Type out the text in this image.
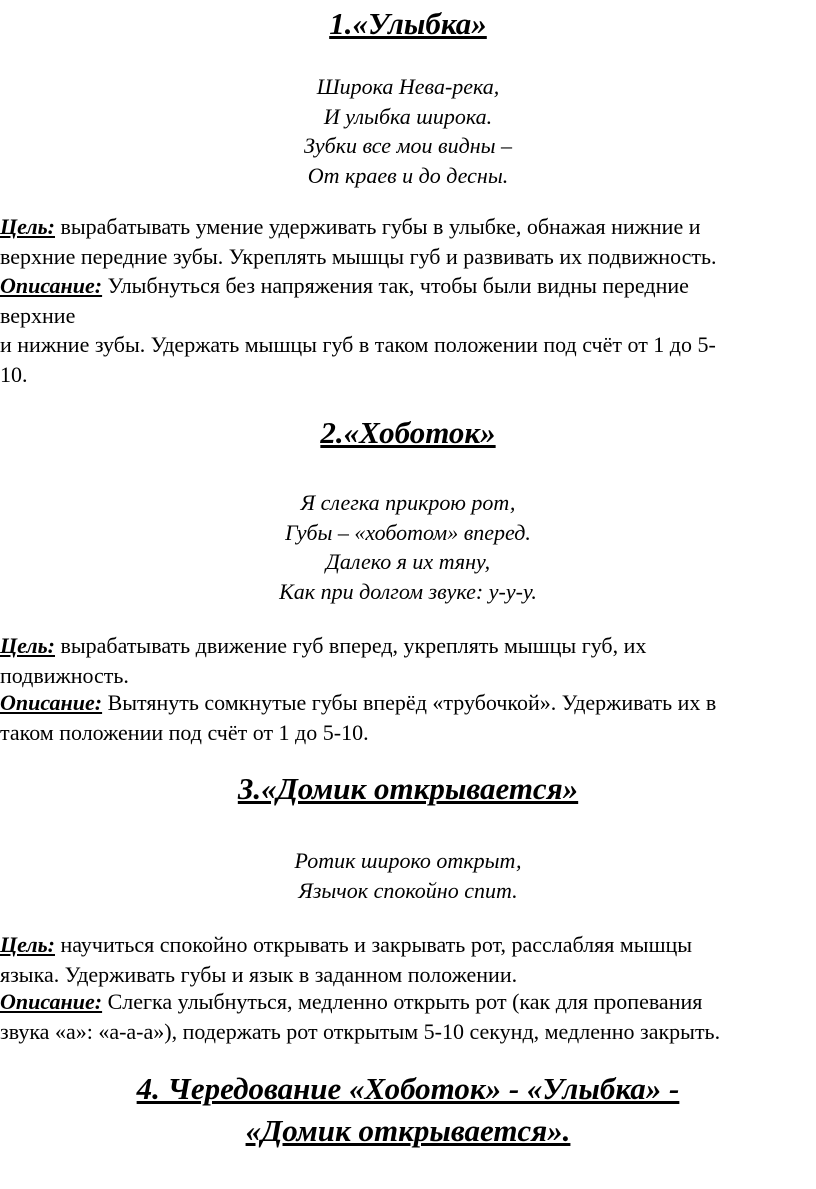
1.«Улыбка»
Широка Нева-река,
И улыбка широка.
Зубки все мои видны –
От краев и до десны.
Цель: вырабатывать умение удерживать губы в улыбке, обнажая нижние и
верхние передние зубы. Укреплять мышцы губ и развивать их подвижность.
Описание: Улыбнуться без напряжения так, чтобы были видны передние
верхние
и нижние зубы. Удержать мышцы губ в таком положении под счёт от 1 до 5-
10.
2.«Хоботок»
Я слегка прикрою рот,
Губы – «хоботом» вперед.
Далеко я их тяну,
Как при долгом звуке: у-у-у.
Цель: вырабатывать движение губ вперед, укреплять мышцы губ, их
подвижность.
Описание: Вытянуть сомкнутые губы вперёд «трубочкой». Удерживать их в
таком положении под счёт от 1 до 5-10.
3.«Домик открывается»
Ротик широко открыт,
Язычок спокойно спит.
Цель: научиться спокойно открывать и закрывать рот, расслабляя мышцы
языка. Удерживать губы и язык в заданном положении.
Описание: Слегка улыбнуться, медленно открыть рот (как для пропевания
звука «а»: «а-а-а»), подержать рот открытым 5-10 секунд, медленно закрыть.
4. Чередование «Хоботок» - «Улыбка» -
«Домик открывается».
